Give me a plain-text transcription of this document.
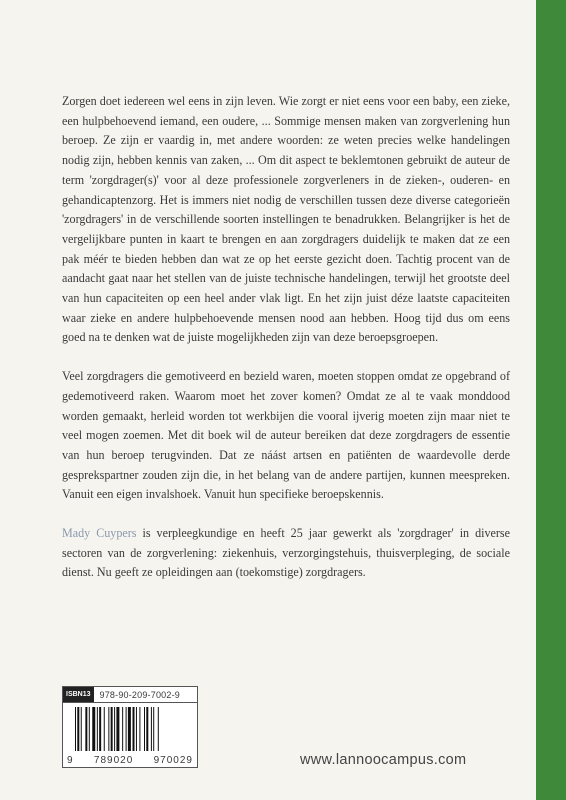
Zorgen doet iedereen wel eens in zijn leven. Wie zorgt er niet eens voor een baby, een zieke, een hulpbehoevend iemand, een oudere, ... Sommige mensen maken van zorgverlening hun beroep. Ze zijn er vaardig in, met andere woorden: ze weten precies welke handelingen nodig zijn, hebben kennis van zaken, ... Om dit aspect te beklemtonen gebruikt de auteur de term 'zorgdrager(s)' voor al deze professionele zorgverleners in de zieken-, ouderen- en gehandicaptenzorg. Het is immers niet nodig de verschillen tussen deze diverse categorieën 'zorgdragers' in de verschillende soorten instellingen te benadrukken. Belangrijker is het de vergelijkbare punten in kaart te brengen en aan zorgdragers duidelijk te maken dat ze een pak méér te bieden hebben dan wat ze op het eerste gezicht doen. Tachtig procent van de aandacht gaat naar het stellen van de juiste technische handelingen, terwijl het grootste deel van hun capaciteiten op een heel ander vlak ligt. En het zijn juist déze laatste capaciteiten waar zieke en andere hulpbehoevende mensen nood aan hebben. Hoog tijd dus om eens goed na te denken wat de juiste mogelijkheden zijn van deze beroepsgroepen.

Veel zorgdragers die gemotiveerd en bezield waren, moeten stoppen omdat ze opgebrand of gedemotiveerd raken. Waarom moet het zover komen? Omdat ze al te vaak monddood worden gemaakt, herleid worden tot werkbijen die vooral ijverig moeten zijn maar niet te veel mogen zoemen. Met dit boek wil de auteur bereiken dat deze zorgdragers de essentie van hun beroep terugvinden. Dat ze náást artsen en patiënten de waardevolle derde gesprekspartner zouden zijn die, in het belang van de andere partijen, kunnen meespreken. Vanuit een eigen invalshoek. Vanuit hun specifieke beroepskennis.

Mady Cuypers is verpleegkundige en heeft 25 jaar gewerkt als 'zorgdrager' in diverse sectoren van de zorgverlening: ziekenhuis, verzorgingstehuis, thuisverpleging, de sociale dienst. Nu geeft ze opleidingen aan (toekomstige) zorgdragers.

ISBN13	978-90-209-7002-9
9 789020 970029	www.lannoocampus.com
